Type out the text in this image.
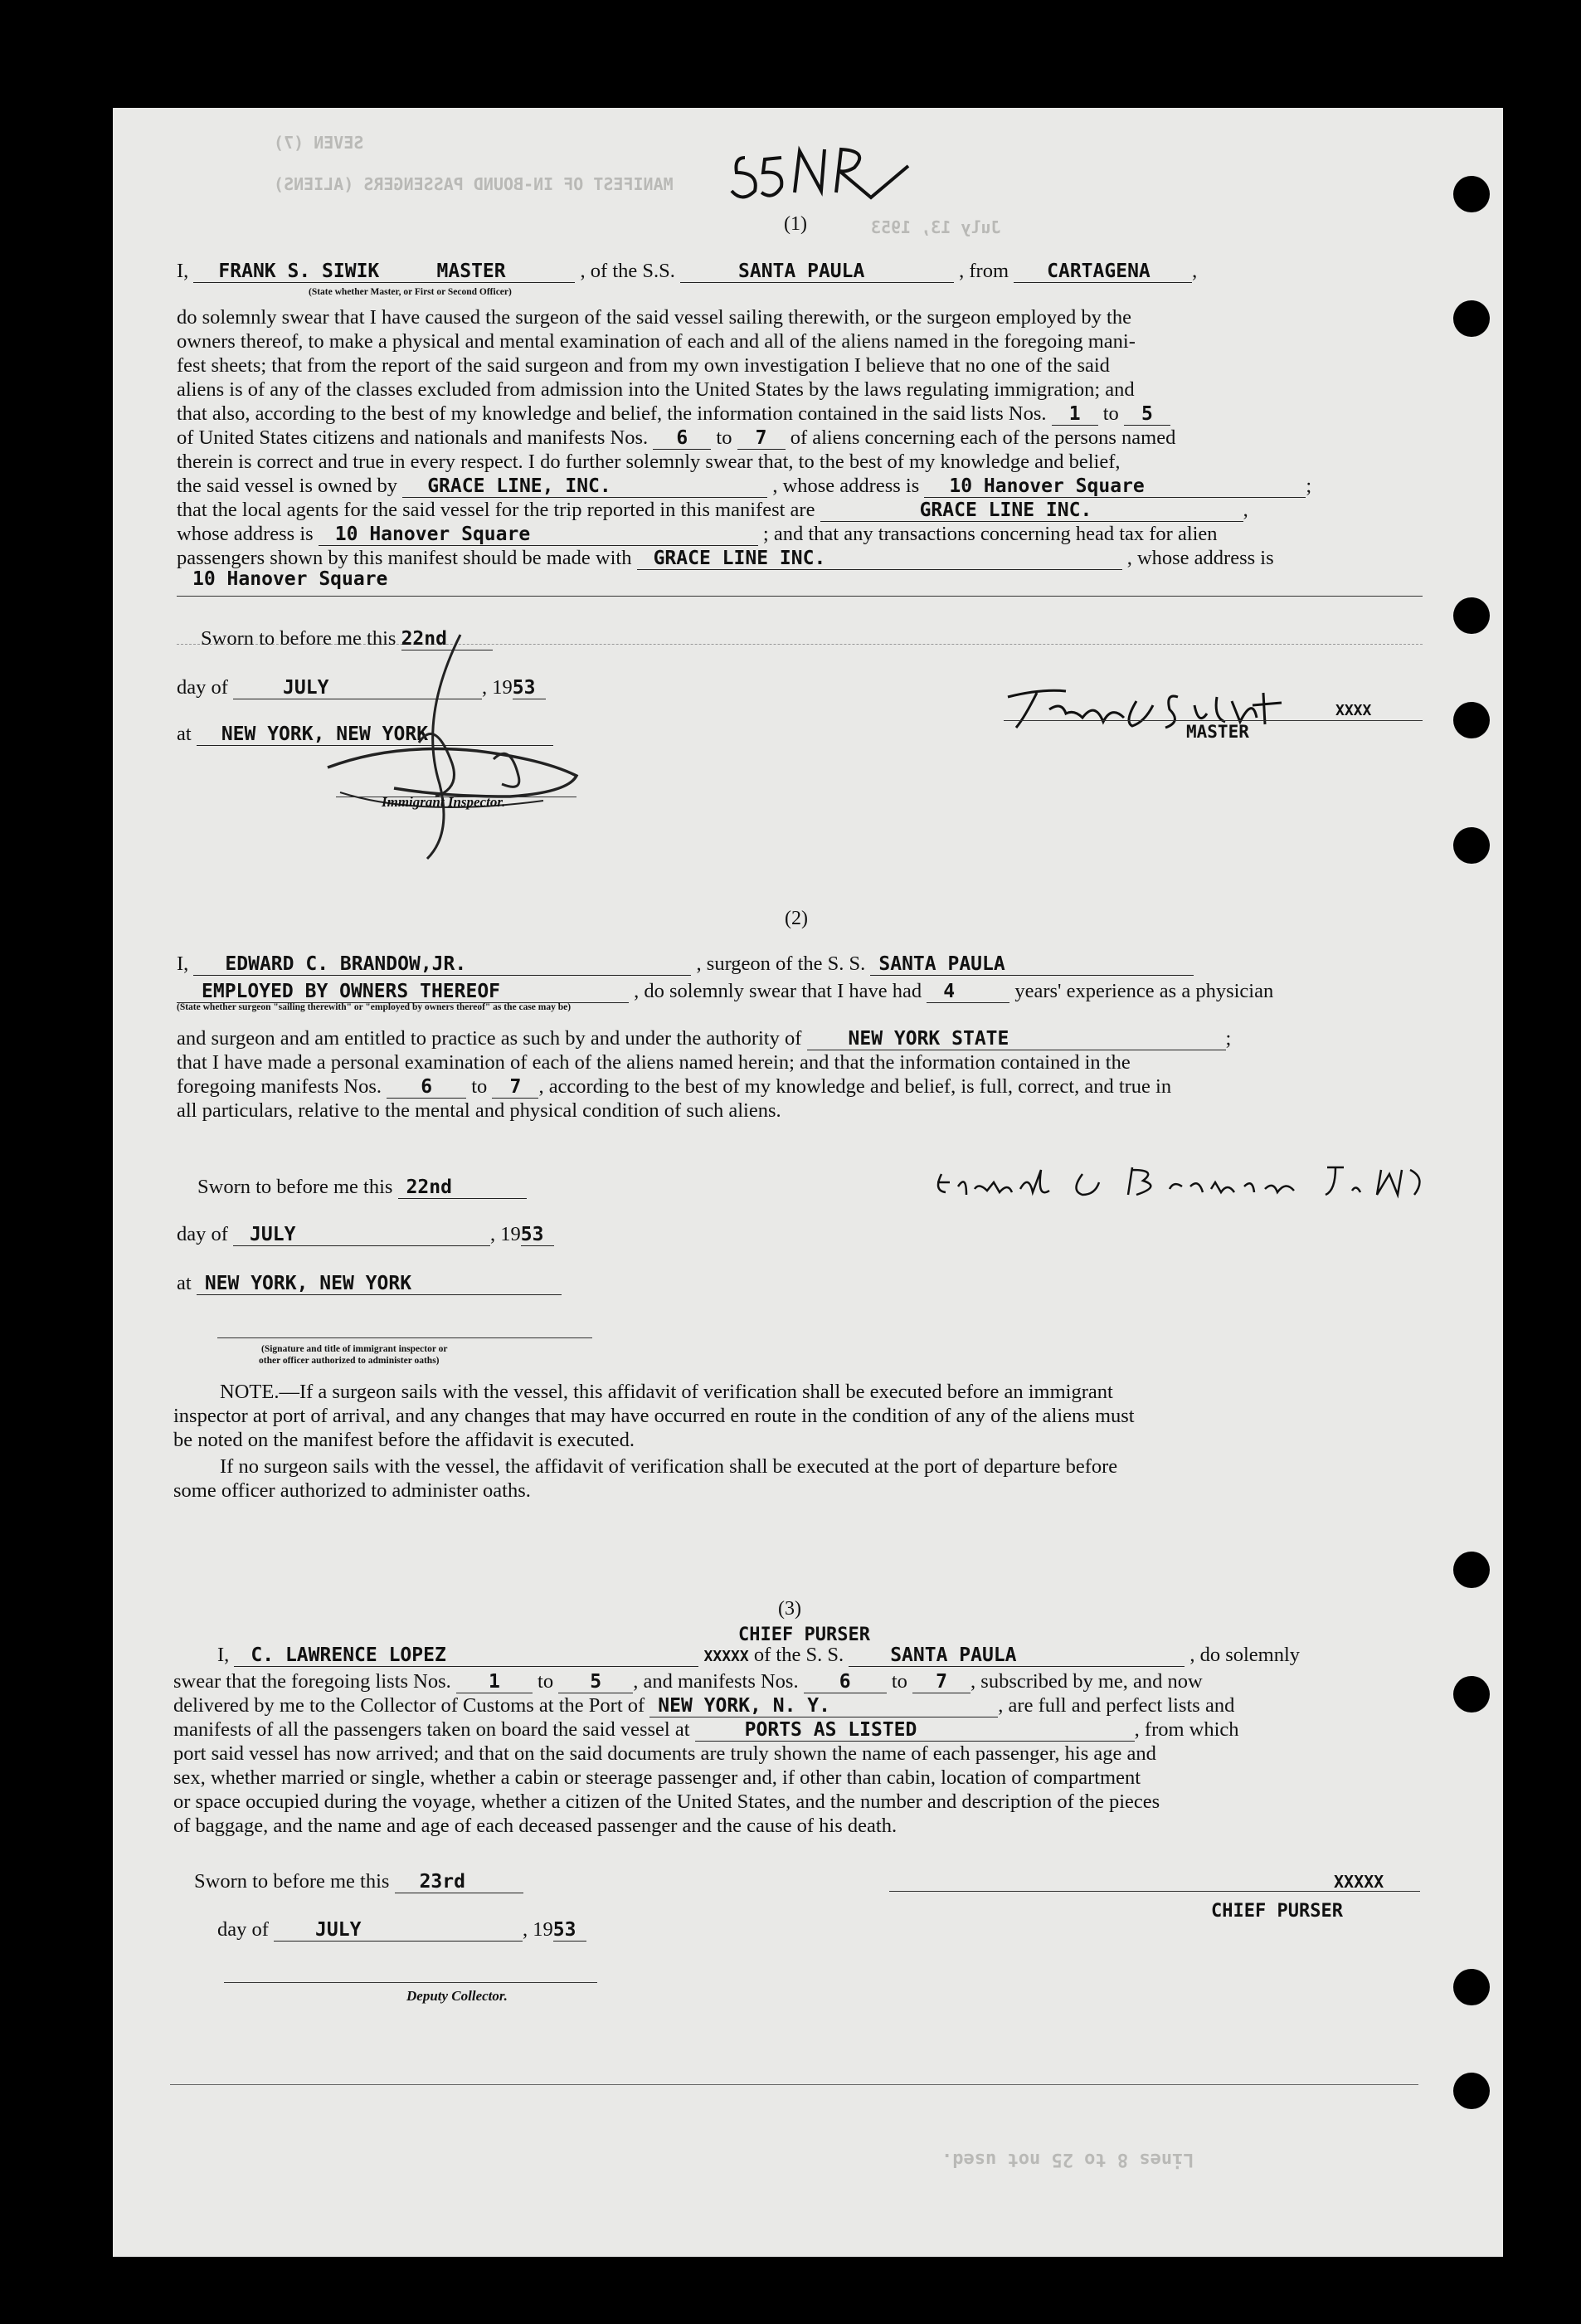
SEVEN (7)
MANIFEST OF IN-BOUND PASSENGERS (ALIENS)
July 13, 1953
(1)
I, FRANK S. SIWIK	MASTER	, of the S.S.	SANTA PAULA	, from CARTAGENA ,
(State whether Master, or First or Second Officer)
do solemnly swear that I have caused the surgeon of the said vessel sailing therewith, or the surgeon employed by the
owners thereof, to make a physical and mental examination of each and all of the aliens named in the foregoing mani-
fest sheets; that from the report of the said surgeon and from my own investigation I believe that no one of the said
aliens is of any of the classes excluded from admission into the United States by the laws regulating immigration; and
that also, according to the best of my knowledge and belief, the information contained in the said lists Nos. 1 to 5
of United States citizens and nationals and manifests Nos. 6 to 7 of aliens concerning each of the persons named
therein is correct and true in every respect. I do further solemnly swear that, to the best of my knowledge and belief,
the said vessel is owned by GRACE LINE, INC.	, whose address is 10 Hanover Square	;
that the local agents for the said vessel for the trip reported in this manifest are	GRACE LINE INC.	,
whose address is 10 Hanover Square	; and that any transactions concerning head tax for alien
passengers shown by this manifest should be made with GRACE LINE INC.	, whose address is
10 Hanover Square
Sworn to before me this 22nd
day of	JULY	, 1953
at NEW YORK, NEW YORK
Immigrant Inspector.
XXXX
MASTER
(2)
I, EDWARD C. BRANDOW,JR.	, surgeon of the S. S. SANTA PAULA
EMPLOYED BY OWNERS THEREOF	, do solemnly swear that I have had 4	years' experience as a physician
(State whether surgeon "sailing therewith" or "employed by owners thereof" as the case may be)
and surgeon and am entitled to practice as such by and under the authority of NEW YORK STATE	;
that I have made a personal examination of each of the aliens named herein; and that the information contained in the
foregoing manifests Nos. 6 to 7 , according to the best of my knowledge and belief, is full, correct, and true in
all particulars, relative to the mental and physical condition of such aliens.
Sworn to before me this 22nd
day of JULY	, 1953
at NEW YORK, NEW YORK
(Signature and title of immigrant inspector or
other officer authorized to administer oaths)
NOTE.—If a surgeon sails with the vessel, this affidavit of verification shall be executed before an immigrant
inspector at port of arrival, and any changes that may have occurred en route in the condition of any of the aliens must
be noted on the manifest before the affidavit is executed.
If no surgeon sails with the vessel, the affidavit of verification shall be executed at the port of departure before
some officer authorized to administer oaths.
(3)
CHIEF PURSER
I, C. LAWRENCE LOPEZ	XXXXX of the S. S. SANTA PAULA	, do solemnly
swear that the foregoing lists Nos. 1 to 5 , and manifests Nos. 6 to 7 , subscribed by me, and now
delivered by me to the Collector of Customs at the Port of NEW YORK, N. Y.	, are full and perfect lists and
manifests of all the passengers taken on board the said vessel at	PORTS AS LISTED	, from which
port said vessel has now arrived; and that on the said documents are truly shown the name of each passenger, his age and
sex, whether married or single, whether a cabin or steerage passenger and, if other than cabin, location of compartment
or space occupied during the voyage, whether a citizen of the United States, and the number and description of the pieces
of baggage, and the name and age of each deceased passenger and the cause of his death.
Sworn to before me this 23rd
day of JULY	, 1953
XXXXX
CHIEF PURSER
Deputy Collector.
Lines 8 to 25 not used.
